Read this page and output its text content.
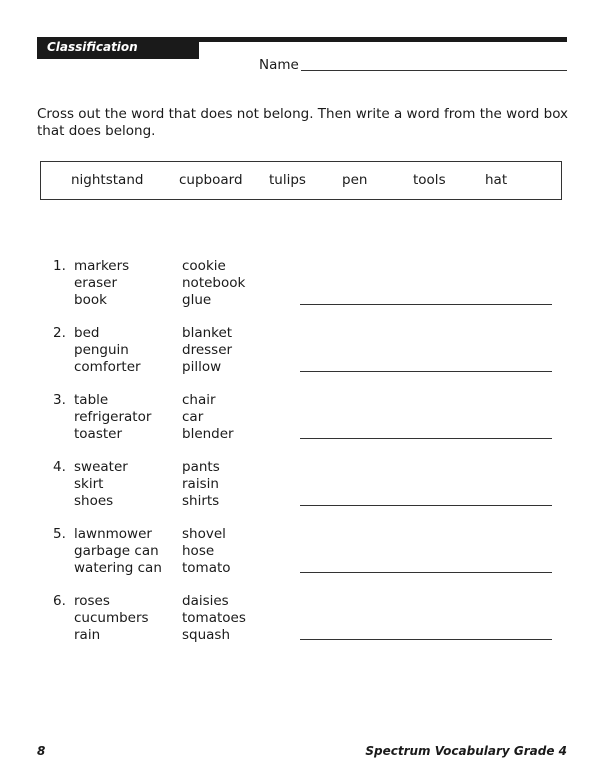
Classification
Name

Cross out the word that does not belong. Then write a word from the word box that does belong.

nightstand	cupboard tulips	pen	tools	hat
1. markers
eraser
book
cookie
notebook
glue
2. bed
penguin
comforter
blanket
dresser
pillow
3. table
refrigerator
toaster
chair
car
blender
4. sweater
skirt
shoes
pants
raisin
shirts
5. lawnmower
garbage can
watering can
shovel
hose
tomato
6. roses
cucumbers
rain
daisies
tomatoes
squash
8	Spectrum Vocabulary Grade 4
